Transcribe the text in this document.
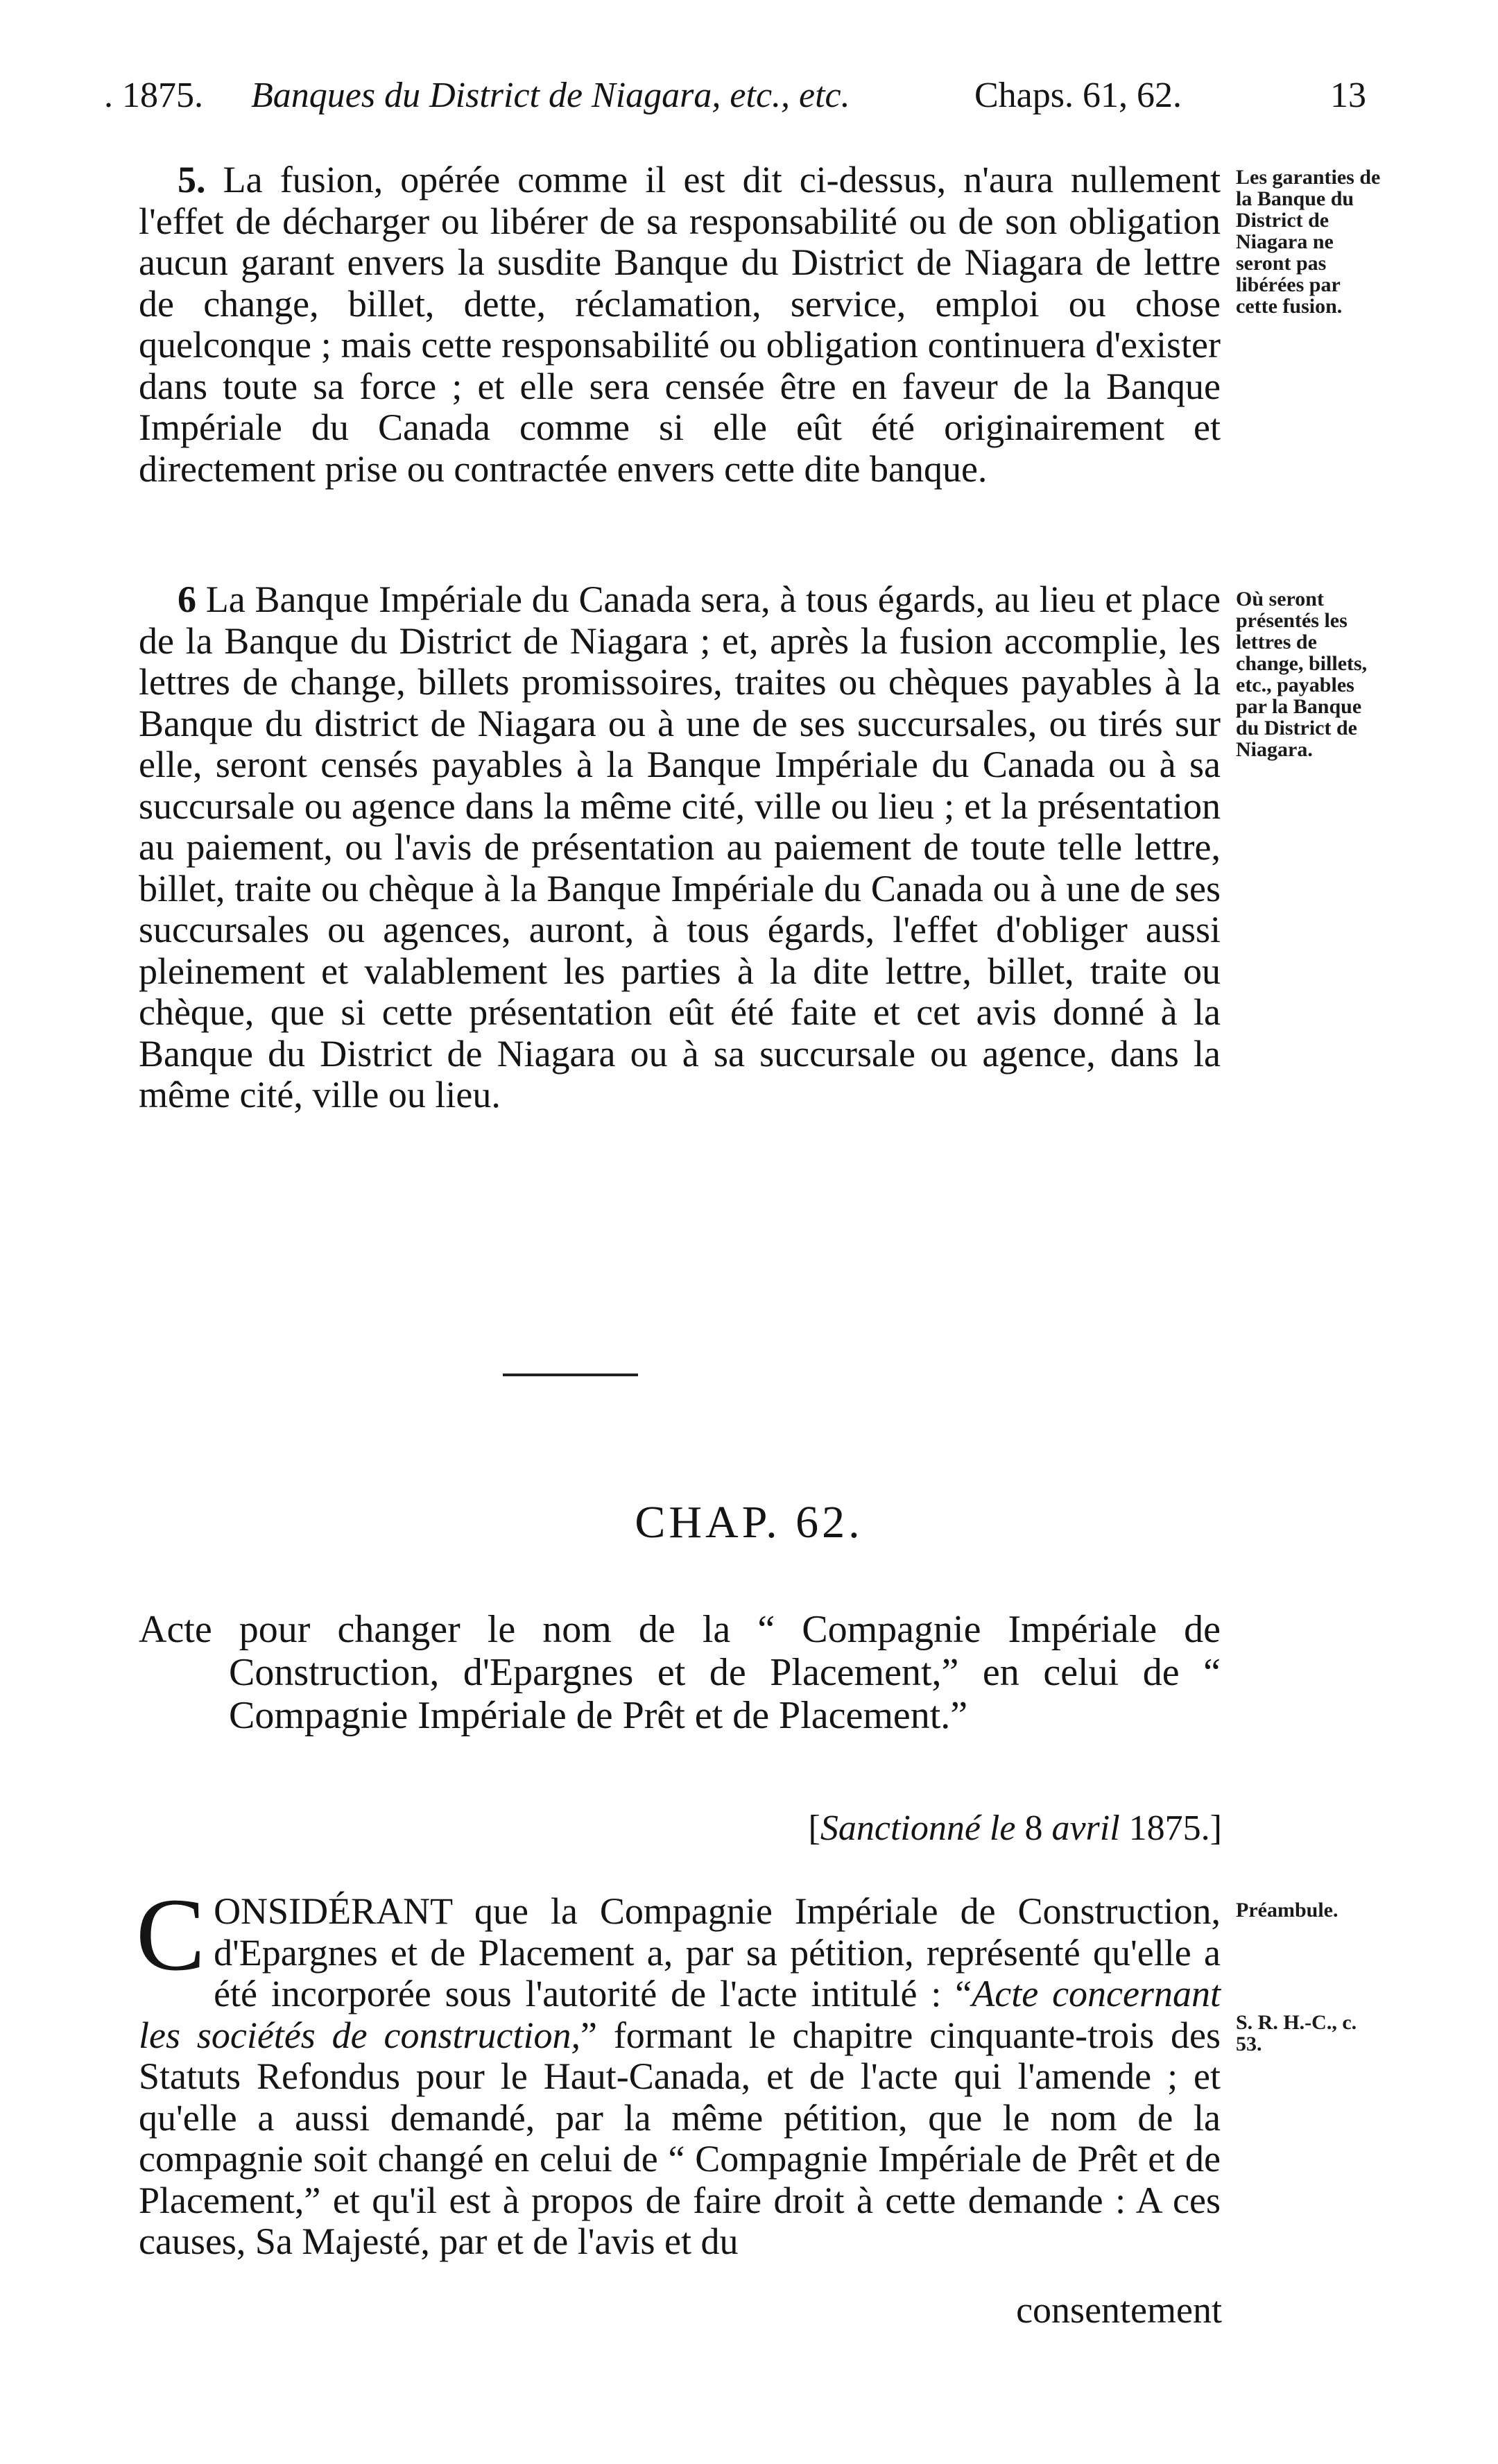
. 1875. Banques du District de Niagara, etc., etc.	Chaps. 61, 62.	13

5. La fusion, opérée comme il est dit ci-dessus, n'aura nullement l'effet de décharger ou libérer de sa responsabilité ou de son obligation aucun garant envers la susdite Banque du District de Niagara de lettre de change, billet, dette, réclamation, service, emploi ou chose quelconque ; mais cette responsabilité ou obligation continuera d'exister dans toute sa force ; et elle sera censée être en faveur de la Banque Impériale du Canada comme si elle eût été originairement et directement prise ou contractée envers cette dite banque.

Les garanties de la Banque du District de Niagara ne seront pas libérées par cette fusion.

6 La Banque Impériale du Canada sera, à tous égards, au lieu et place de la Banque du District de Niagara ; et, après la fusion accomplie, les lettres de change, billets promissoires, traites ou chèques payables à la Banque du district de Niagara ou à une de ses succursales, ou tirés sur elle, seront censés payables à la Banque Impériale du Canada ou à sa succursale ou agence dans la même cité, ville ou lieu ; et la présentation au paiement, ou l'avis de présentation au paiement de toute telle lettre, billet, traite ou chèque à la Banque Impériale du Canada ou à une de ses succursales ou agences, auront, à tous égards, l'effet d'obliger aussi pleinement et valablement les parties à la dite lettre, billet, traite ou chèque, que si cette présentation eût été faite et cet avis donné à la Banque du District de Niagara ou à sa succursale ou agence, dans la même cité, ville ou lieu.

Où seront présentés les lettres de change, billets, etc., payables par la Banque du District de Niagara.
CHAP. 62.
Acte pour changer le nom de la “ Compagnie Impériale de Construction, d'Epargnes et de Placement,” en celui de “ Compagnie Impériale de Prêt et de Placement.”
[Sanctionné le 8 avril 1875.]

CONSIDÉRANT que la Compagnie Impériale de Construction, d'Epargnes et de Placement a, par sa pétition, représenté qu'elle a été incorporée sous l'autorité de l'acte intitulé : “Acte concernant les sociétés de construction,” formant le chapitre cinquante-trois des Statuts Refondus pour le Haut-Canada, et de l'acte qui l'amende ; et qu'elle a aussi demandé, par la même pétition, que le nom de la compagnie soit changé en celui de “ Compagnie Impériale de Prêt et de Placement,” et qu'il est à propos de faire droit à cette demande : A ces causes, Sa Majesté, par et de l'avis et du

consentement
Préambule.
S. R. H.-C., c. 53.
